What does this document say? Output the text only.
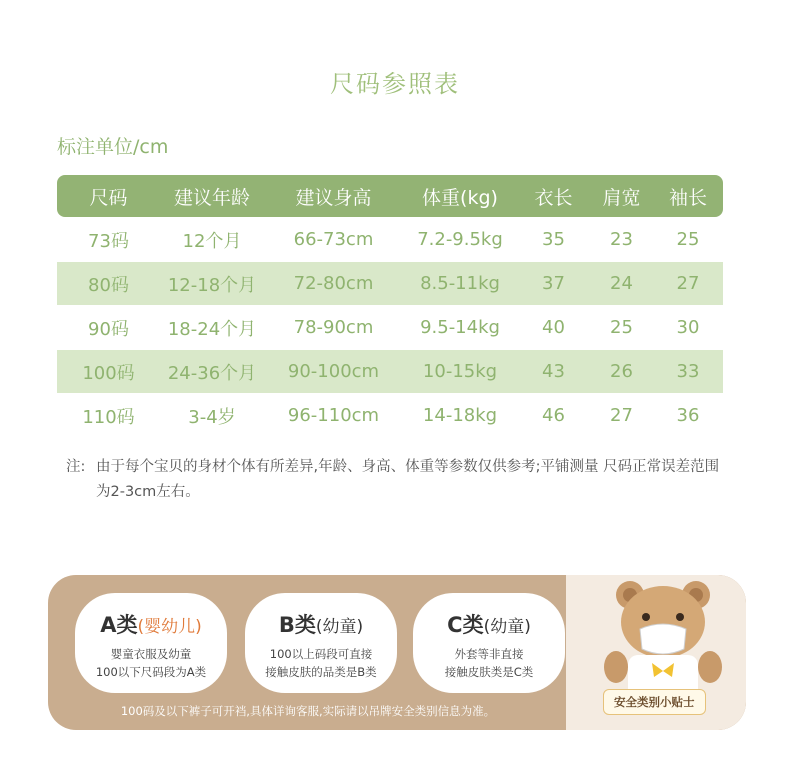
尺码参照表
标注单位/cm
尺码	建议年龄	建议身高	体重(kg)	衣长	肩宽	袖长
73码	12个月	66-73cm	7.2-9.5kg	35	23	25
80码	12-18个月	72-80cm	8.5-11kg	37	24	27
90码	18-24个月	78-90cm	9.5-14kg	40	25	30
100码	24-36个月	90-100cm	10-15kg	43	26	33
110码	3-4岁	96-110cm	14-18kg	46	27	36
注: 由于每个宝贝的身材个体有所差异,年龄、身高、体重等参数仅供参考;平铺测量 尺码正常误差范围为2-3cm左右。
A类(婴幼儿)
婴童衣服及幼童
100以下尺码段为A类
B类(幼童)
100以上码段可直接
接触皮肤的品类是B类
C类(幼童)
外套等非直接
接触皮肤类是C类
100码及以下裤子可开裆,具体详询客服,实际请以吊牌安全类别信息为准。
安全类别小贴士
